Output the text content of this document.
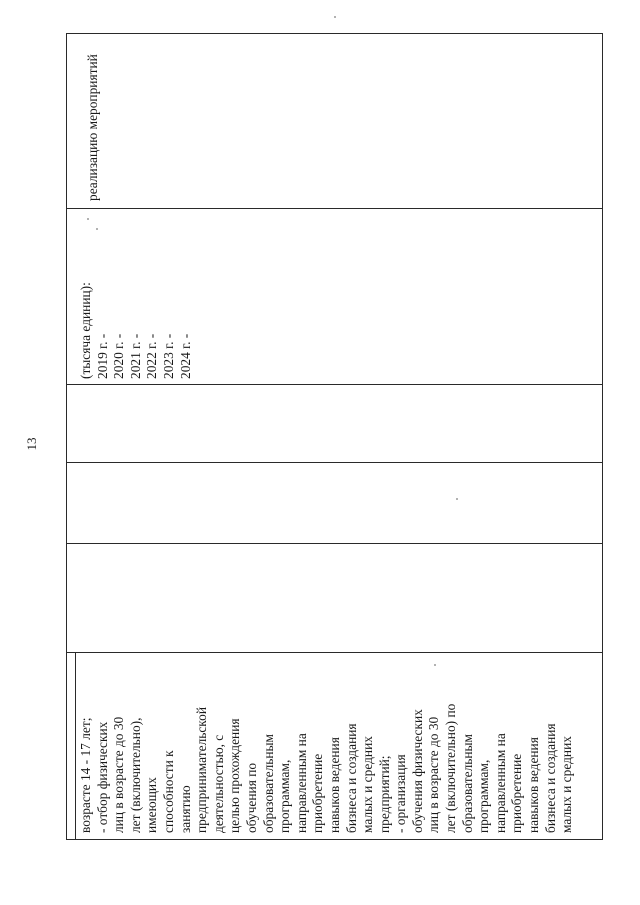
13
возрасте 14 - 17 лет; - отбор физических лиц в возрасте до 30 лет (включительно), имеющих способности к занятию предпринимательской деятельностью, с целью прохождения обучения по образовательным программам, направленным на приобретение навыков ведения бизнеса и создания малых и средних предприятий; - организация обучения физических лиц в возрасте до 30 лет (включительно) по образовательным программам, направленным на приобретение навыков ведения бизнеса и создания малых и средних
(тысяча единиц): 2019 г. - 2020 г. - 2021 г. - 2022 г. - 2023 г. - 2024 г. -
реализацию мероприятий
